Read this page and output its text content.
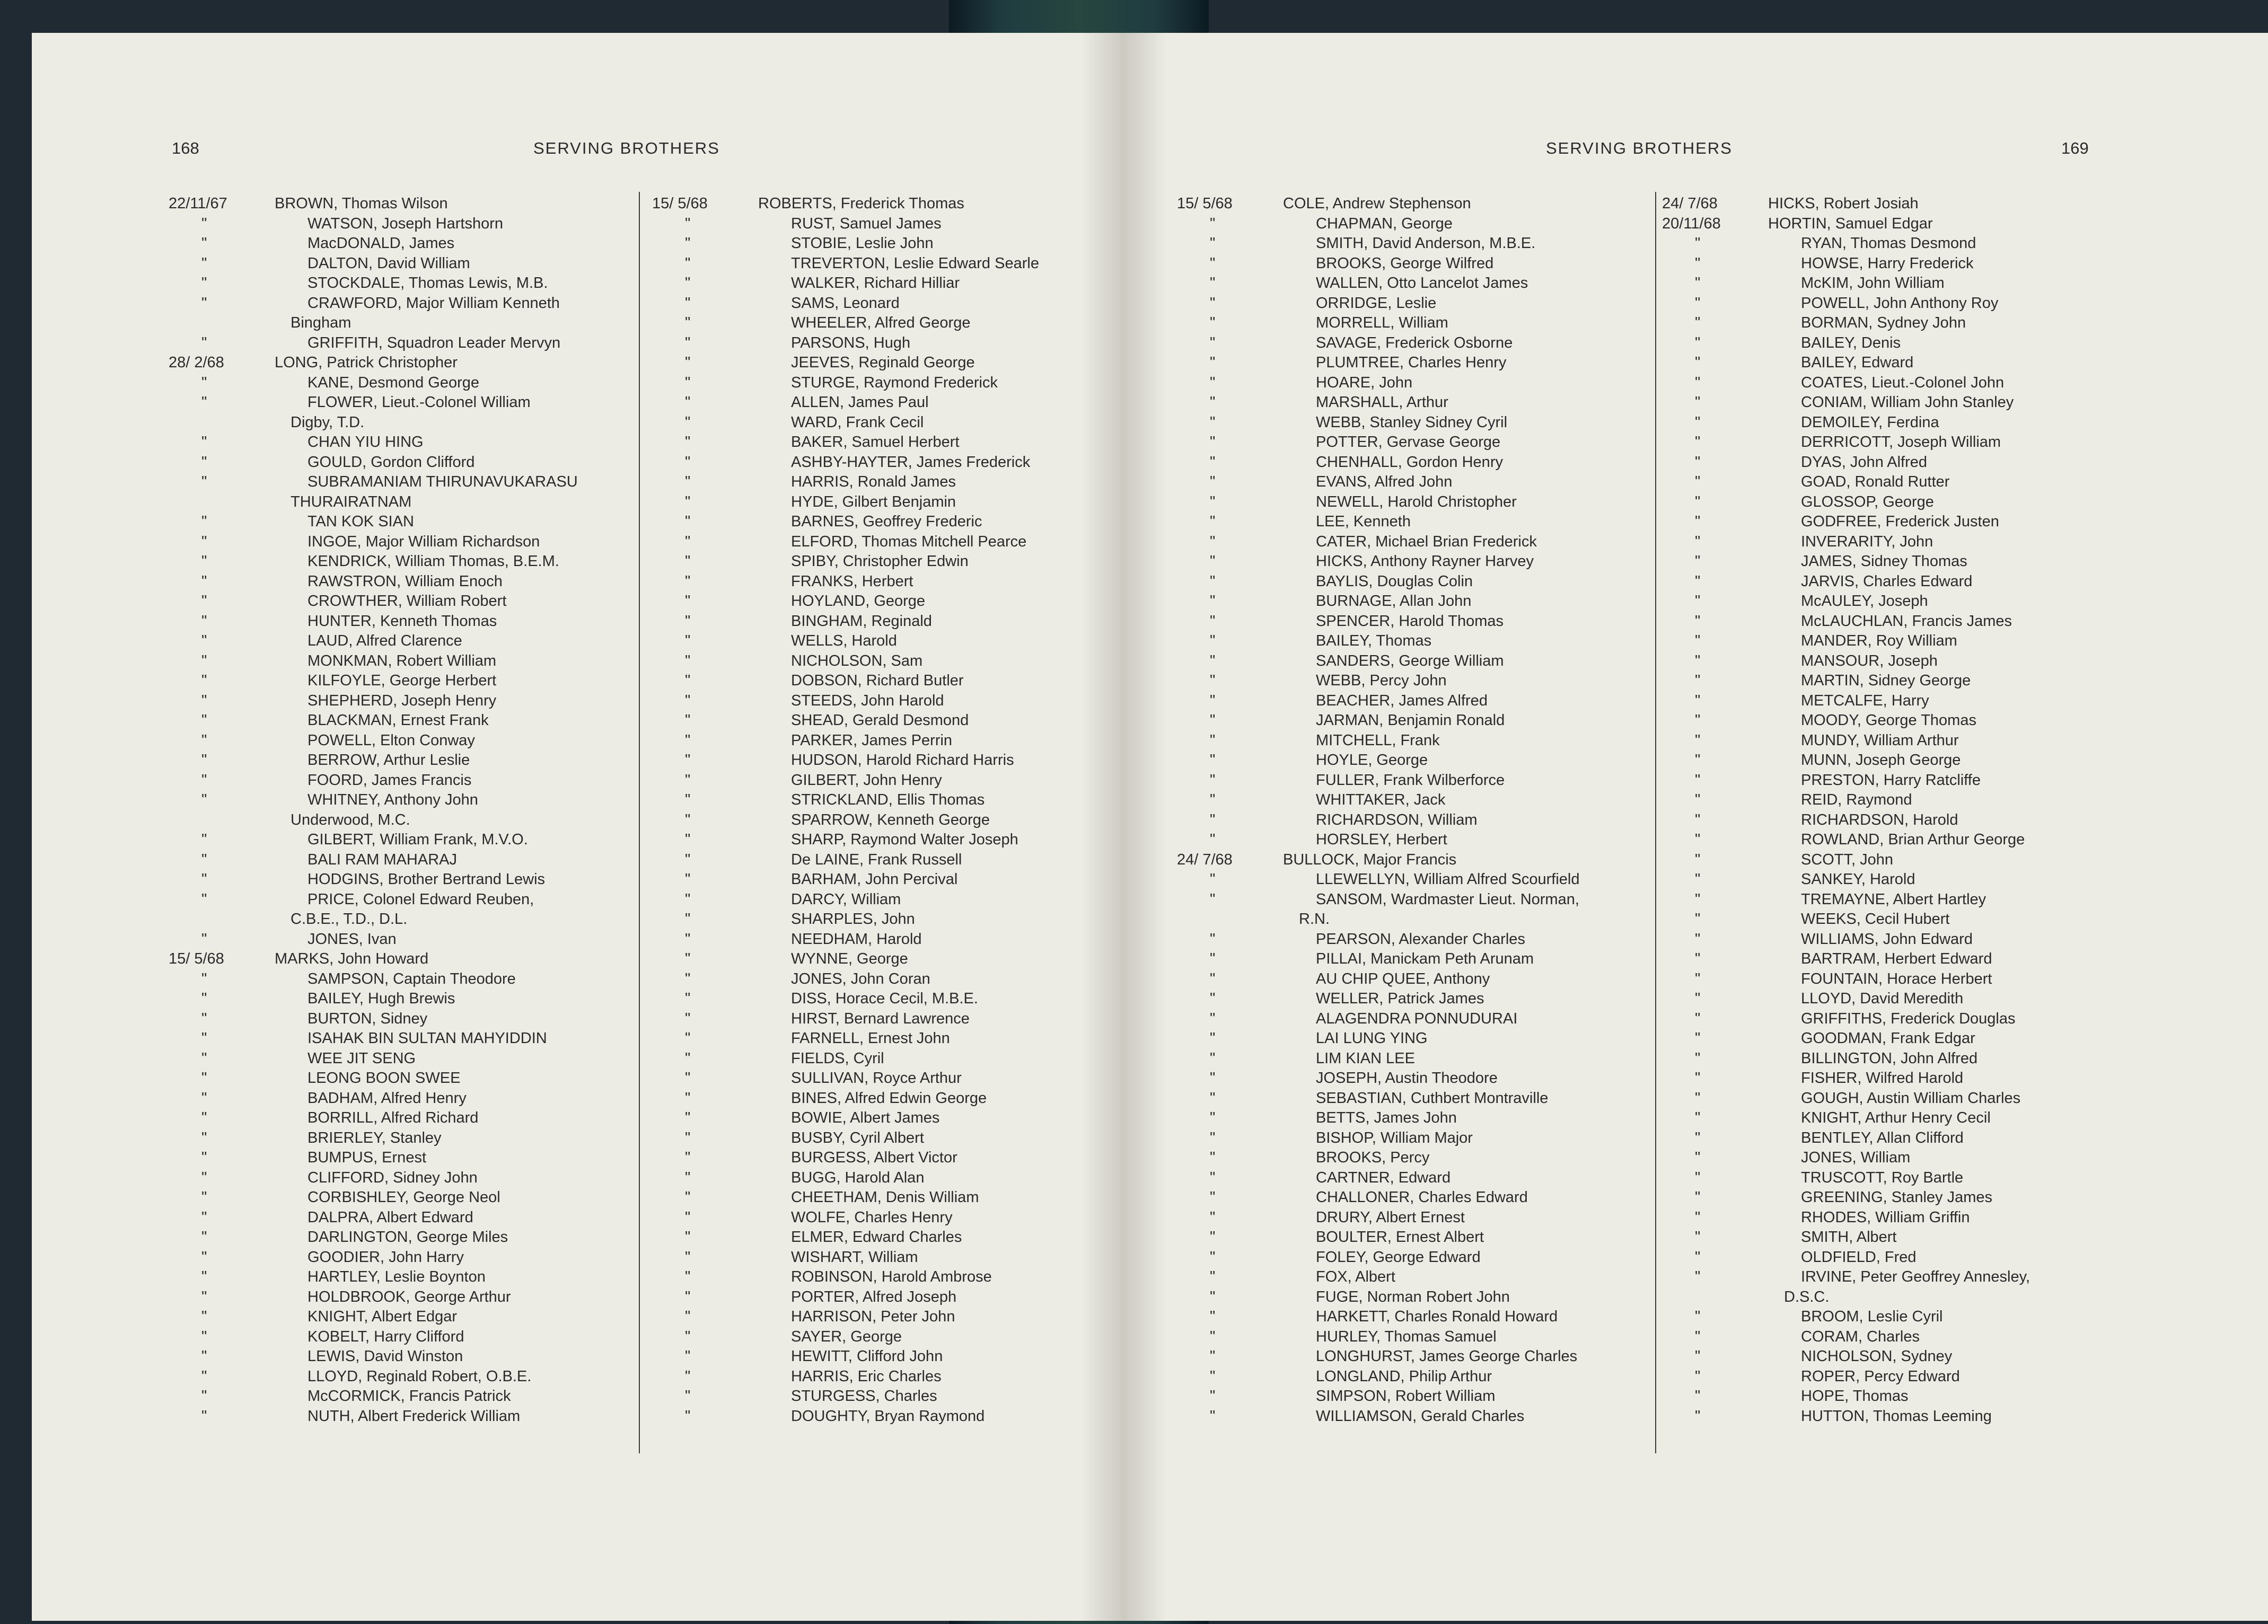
168	SERVING BROTHERS
22/11/67	BROWN, Thomas Wilson
"	WATSON, Joseph Hartshorn
"	MacDONALD, James
"	DALTON, David William
"	STOCKDALE, Thomas Lewis, M.B.
"	CRAWFORD, Major William Kenneth
Bingham
"	GRIFFITH, Squadron Leader Mervyn
28/ 2/68	LONG, Patrick Christopher
"	KANE, Desmond George
"	FLOWER, Lieut.-Colonel William
Digby, T.D.
"	CHAN YIU HING
"	GOULD, Gordon Clifford
"	SUBRAMANIAM THIRUNAVUKARASU
THURAIRATNAM
"	TAN KOK SIAN
"	INGOE, Major William Richardson
"	KENDRICK, William Thomas, B.E.M.
"	RAWSTRON, William Enoch
"	CROWTHER, William Robert
"	HUNTER, Kenneth Thomas
"	LAUD, Alfred Clarence
"	MONKMAN, Robert William
"	KILFOYLE, George Herbert
"	SHEPHERD, Joseph Henry
"	BLACKMAN, Ernest Frank
"	POWELL, Elton Conway
"	BERROW, Arthur Leslie
"	FOORD, James Francis
"	WHITNEY, Anthony John
Underwood, M.C.
"	GILBERT, William Frank, M.V.O.
"	BALI RAM MAHARAJ
"	HODGINS, Brother Bertrand Lewis
"	PRICE, Colonel Edward Reuben,
C.B.E., T.D., D.L.
"	JONES, Ivan
15/ 5/68	MARKS, John Howard
"	SAMPSON, Captain Theodore
"	BAILEY, Hugh Brewis
"	BURTON, Sidney
"	ISAHAK BIN SULTAN MAHYIDDIN
"	WEE JIT SENG
"	LEONG BOON SWEE
"	BADHAM, Alfred Henry
"	BORRILL, Alfred Richard
"	BRIERLEY, Stanley
"	BUMPUS, Ernest
"	CLIFFORD, Sidney John
"	CORBISHLEY, George Neol
"	DALPRA, Albert Edward
"	DARLINGTON, George Miles
"	GOODIER, John Harry
"	HARTLEY, Leslie Boynton
"	HOLDBROOK, George Arthur
"	KNIGHT, Albert Edgar
"	KOBELT, Harry Clifford
"	LEWIS, David Winston
"	LLOYD, Reginald Robert, O.B.E.
"	McCORMICK, Francis Patrick
"	NUTH, Albert Frederick William
15/ 5/68	ROBERTS, Frederick Thomas
"	RUST, Samuel James
"	STOBIE, Leslie John
"	TREVERTON, Leslie Edward Searle
"	WALKER, Richard Hilliar
"	SAMS, Leonard
"	WHEELER, Alfred George
"	PARSONS, Hugh
"	JEEVES, Reginald George
"	STURGE, Raymond Frederick
"	ALLEN, James Paul
"	WARD, Frank Cecil
"	BAKER, Samuel Herbert
"	ASHBY-HAYTER, James Frederick
"	HARRIS, Ronald James
"	HYDE, Gilbert Benjamin
"	BARNES, Geoffrey Frederic
"	ELFORD, Thomas Mitchell Pearce
"	SPIBY, Christopher Edwin
"	FRANKS, Herbert
"	HOYLAND, George
"	BINGHAM, Reginald
"	WELLS, Harold
"	NICHOLSON, Sam
"	DOBSON, Richard Butler
"	STEEDS, John Harold
"	SHEAD, Gerald Desmond
"	PARKER, James Perrin
"	HUDSON, Harold Richard Harris
"	GILBERT, John Henry
"	STRICKLAND, Ellis Thomas
"	SPARROW, Kenneth George
"	SHARP, Raymond Walter Joseph
"	De LAINE, Frank Russell
"	BARHAM, John Percival
"	DARCY, William
"	SHARPLES, John
"	NEEDHAM, Harold
"	WYNNE, George
"	JONES, John Coran
"	DISS, Horace Cecil, M.B.E.
"	HIRST, Bernard Lawrence
"	FARNELL, Ernest John
"	FIELDS, Cyril
"	SULLIVAN, Royce Arthur
"	BINES, Alfred Edwin George
"	BOWIE, Albert James
"	BUSBY, Cyril Albert
"	BURGESS, Albert Victor
"	BUGG, Harold Alan
"	CHEETHAM, Denis William
"	WOLFE, Charles Henry
"	ELMER, Edward Charles
"	WISHART, William
"	ROBINSON, Harold Ambrose
"	PORTER, Alfred Joseph
"	HARRISON, Peter John
"	SAYER, George
"	HEWITT, Clifford John
"	HARRIS, Eric Charles
"	STURGESS, Charles
"	DOUGHTY, Bryan Raymond
SERVING BROTHERS	169
15/ 5/68	COLE, Andrew Stephenson
"	CHAPMAN, George
"	SMITH, David Anderson, M.B.E.
"	BROOKS, George Wilfred
"	WALLEN, Otto Lancelot James
"	ORRIDGE, Leslie
"	MORRELL, William
"	SAVAGE, Frederick Osborne
"	PLUMTREE, Charles Henry
"	HOARE, John
"	MARSHALL, Arthur
"	WEBB, Stanley Sidney Cyril
"	POTTER, Gervase George
"	CHENHALL, Gordon Henry
"	EVANS, Alfred John
"	NEWELL, Harold Christopher
"	LEE, Kenneth
"	CATER, Michael Brian Frederick
"	HICKS, Anthony Rayner Harvey
"	BAYLIS, Douglas Colin
"	BURNAGE, Allan John
"	SPENCER, Harold Thomas
"	BAILEY, Thomas
"	SANDERS, George William
"	WEBB, Percy John
"	BEACHER, James Alfred
"	JARMAN, Benjamin Ronald
"	MITCHELL, Frank
"	HOYLE, George
"	FULLER, Frank Wilberforce
"	WHITTAKER, Jack
"	RICHARDSON, William
"	HORSLEY, Herbert
24/ 7/68	BULLOCK, Major Francis
"	LLEWELLYN, William Alfred Scourfield
"	SANSOM, Wardmaster Lieut. Norman,
R.N.
"	PEARSON, Alexander Charles
"	PILLAI, Manickam Peth Arunam
"	AU CHIP QUEE, Anthony
"	WELLER, Patrick James
"	ALAGENDRA PONNUDURAI
"	LAI LUNG YING
"	LIM KIAN LEE
"	JOSEPH, Austin Theodore
"	SEBASTIAN, Cuthbert Montraville
"	BETTS, James John
"	BISHOP, William Major
"	BROOKS, Percy
"	CARTNER, Edward
"	CHALLONER, Charles Edward
"	DRURY, Albert Ernest
"	BOULTER, Ernest Albert
"	FOLEY, George Edward
"	FOX, Albert
"	FUGE, Norman Robert John
"	HARKETT, Charles Ronald Howard
"	HURLEY, Thomas Samuel
"	LONGHURST, James George Charles
"	LONGLAND, Philip Arthur
"	SIMPSON, Robert William
"	WILLIAMSON, Gerald Charles
24/ 7/68	HICKS, Robert Josiah
20/11/68	HORTIN, Samuel Edgar
"	RYAN, Thomas Desmond
"	HOWSE, Harry Frederick
"	McKIM, John William
"	POWELL, John Anthony Roy
"	BORMAN, Sydney John
"	BAILEY, Denis
"	BAILEY, Edward
"	COATES, Lieut.-Colonel John
"	CONIAM, William John Stanley
"	DEMOILEY, Ferdina
"	DERRICOTT, Joseph William
"	DYAS, John Alfred
"	GOAD, Ronald Rutter
"	GLOSSOP, George
"	GODFREE, Frederick Justen
"	INVERARITY, John
"	JAMES, Sidney Thomas
"	JARVIS, Charles Edward
"	McAULEY, Joseph
"	McLAUCHLAN, Francis James
"	MANDER, Roy William
"	MANSOUR, Joseph
"	MARTIN, Sidney George
"	METCALFE, Harry
"	MOODY, George Thomas
"	MUNDY, William Arthur
"	MUNN, Joseph George
"	PRESTON, Harry Ratcliffe
"	REID, Raymond
"	RICHARDSON, Harold
"	ROWLAND, Brian Arthur George
"	SCOTT, John
"	SANKEY, Harold
"	TREMAYNE, Albert Hartley
"	WEEKS, Cecil Hubert
"	WILLIAMS, John Edward
"	BARTRAM, Herbert Edward
"	FOUNTAIN, Horace Herbert
"	LLOYD, David Meredith
"	GRIFFITHS, Frederick Douglas
"	GOODMAN, Frank Edgar
"	BILLINGTON, John Alfred
"	FISHER, Wilfred Harold
"	GOUGH, Austin William Charles
"	KNIGHT, Arthur Henry Cecil
"	BENTLEY, Allan Clifford
"	JONES, William
"	TRUSCOTT, Roy Bartle
"	GREENING, Stanley James
"	RHODES, William Griffin
"	SMITH, Albert
"	OLDFIELD, Fred
"	IRVINE, Peter Geoffrey Annesley,
D.S.C.
"	BROOM, Leslie Cyril
"	CORAM, Charles
"	NICHOLSON, Sydney
"	ROPER, Percy Edward
"	HOPE, Thomas
"	HUTTON, Thomas Leeming
